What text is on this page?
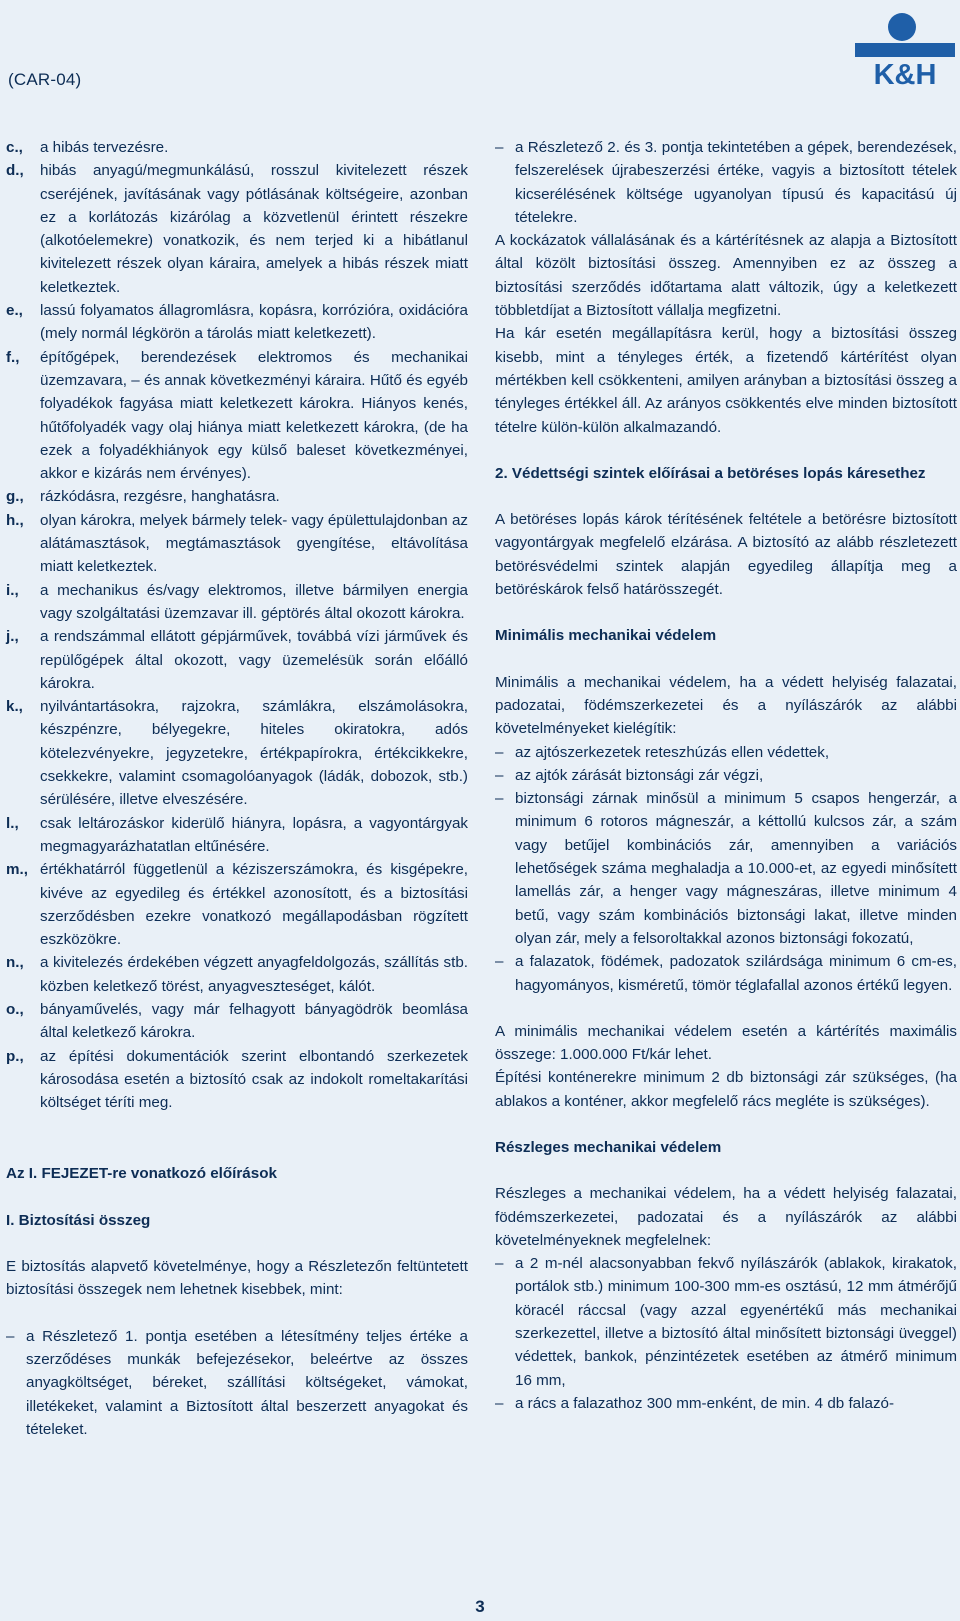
(CAR-04)	K&H
c.,	a hibás tervezésre.
d.,	hibás anyagú/megmunkálású, rosszul kivitelezett részek cseréjének, javításának vagy pótlásának költségeire, azonban ez a korlátozás kizárólag a közvetlenül érintett részekre (alkotóelemekre) vonatkozik, és nem terjed ki a hibátlanul kivitelezett részek olyan káraira, amelyek a hibás részek miatt keletkeztek.
e.,	lassú folyamatos állagromlásra, kopásra, korrózióra, oxidációra (mely normál légkörön a tárolás miatt keletkezett).
f.,	építőgépek, berendezések elektromos és mechanikai üzemzavara, – és annak következményi káraira. Hűtő és egyéb folyadékok fagyása miatt keletkezett károkra. Hiányos kenés, hűtőfolyadék vagy olaj hiánya miatt keletkezett károkra, (de ha ezek a folyadékhiányok egy külső baleset következményei, akkor e kizárás nem érvényes).
g.,	rázkódásra, rezgésre, hanghatásra.
h.,	olyan károkra, melyek bármely telek- vagy épülettulajdonban az alátámasztások, megtámasztások gyengítése, eltávolítása miatt keletkeztek.
i.,	a mechanikus és/vagy elektromos, illetve bármilyen energia vagy szolgáltatási üzemzavar ill. géptörés által okozott károkra.
j.,	a rendszámmal ellátott gépjárművek, továbbá vízi járművek és repülőgépek által okozott, vagy üzemelésük során előálló károkra.
k.,	nyilvántartásokra, rajzokra, számlákra, elszámolásokra, készpénzre, bélyegekre, hiteles okiratokra, adós kötelezvényekre, jegyzetekre, értékpapírokra, értékcikkekre, csekkekre, valamint csomagolóanyagok (ládák, dobozok, stb.) sérülésére, illetve elveszésére.
l.,	csak leltározáskor kiderülő hiányra, lopásra, a vagyontárgyak megmagyarázhatatlan eltűnésére.
m., értékhatárról függetlenül a kéziszerszámokra, és kisgépekre, kivéve az egyedileg és értékkel azonosított, és a biztosítási szerződésben ezekre vonatkozó megállapodásban rögzített eszközökre.
n.,	a kivitelezés érdekében végzett anyagfeldolgozás, szállítás stb. közben keletkező törést, anyagveszteséget, kálót.
o.,	bányaművelés, vagy már felhagyott bányagödrök beomlása által keletkező károkra.
p.,	az építési dokumentációk szerint elbontandó szerkezetek károsodása esetén a biztosító csak az indokolt romeltakarítási költséget téríti meg.

Az I. FEJEZET-re vonatkozó előírások

I. Biztosítási összeg

E biztosítás alapvető követelménye, hogy a Részletezőn feltüntetett biztosítási összegek nem lehetnek kisebbek, mint:

– a Részletező 1. pontja esetében a létesítmény teljes értéke a szerződéses munkák befejezésekor, beleértve az összes anyagköltséget, béreket, szállítási költségeket, vámokat, illetékeket, valamint a Biztosított által beszerzett anyagokat és tételeket.
– a Részletező 2. és 3. pontja tekintetében a gépek, berendezések, felszerelések újrabeszerzési értéke, vagyis a biztosított tételek kicserélésének költsége ugyanolyan típusú és kapacitású új tételekre.

A kockázatok vállalásának és a kártérítésnek az alapja a Biztosított által közölt biztosítási összeg. Amennyiben ez az összeg a biztosítási szerződés időtartama alatt változik, úgy a keletkezett többletdíjat a Biztosított vállalja megfizetni.

Ha kár esetén megállapításra kerül, hogy a biztosítási összeg kisebb, mint a tényleges érték, a fizetendő kártérítést olyan mértékben kell csökkenteni, amilyen arányban a biztosítási összeg a tényleges értékkel áll. Az arányos csökkentés elve minden biztosított tételre külön-külön alkalmazandó.

2. Védettségi szintek előírásai a betöréses lopás káresethez

A betöréses lopás károk térítésének feltétele a betörésre biztosított vagyontárgyak megfelelő elzárása. A biztosító az alább részletezett betörésvédelmi szintek alapján egyedileg állapítja meg a betöréskárok felső határösszegét.

Minimális mechanikai védelem

Minimális a mechanikai védelem, ha a védett helyiség falazatai, padozatai, födémszerkezetei és a nyílászárók az alábbi követelményeket kielégítik:

– az ajtószerkezetek reteszhúzás ellen védettek,
– az ajtók zárását biztonsági zár végzi,
– biztonsági zárnak minősül a minimum 5 csapos hengerzár, a minimum 6 rotoros mágneszár, a kéttollú kulcsos zár, a szám vagy betűjel kombinációs zár, amennyiben a variációs lehetőségek száma meghaladja a 10.000-et, az egyedi minősített lamellás zár, a henger vagy mágneszáras, illetve minimum 4 betű, vagy szám kombinációs biztonsági lakat, illetve minden olyan zár, mely a felsoroltakkal azonos biztonsági fokozatú,
– a falazatok, födémek, padozatok szilárdsága minimum 6 cm-es, hagyományos, kisméretű, tömör téglafallal azonos értékű legyen.

A minimális mechanikai védelem esetén a kártérítés maximális összege: 1.000.000 Ft/kár lehet.

Építési konténerekre minimum 2 db biztonsági zár szükséges, (ha ablakos a konténer, akkor megfelelő rács megléte is szükséges).

Részleges mechanikai védelem

Részleges a mechanikai védelem, ha a védett helyiség falazatai, födémszerkezetei, padozatai és a nyílászárók az alábbi követelményeknek megfelelnek:

– a 2 m-nél alacsonyabban fekvő nyílászárók (ablakok, kirakatok, portálok stb.) minimum 100-300 mm-es osztású, 12 mm átmérőjű köracél ráccsal (vagy azzal egyenértékű más mechanikai szerkezettel, illetve a biztosító által minősített biztonsági üveggel) védettek, bankok, pénzintézetek esetében az átmérő minimum 16 mm,
– a rács a falazathoz 300 mm-enként, de min. 4 db falazó-
3
